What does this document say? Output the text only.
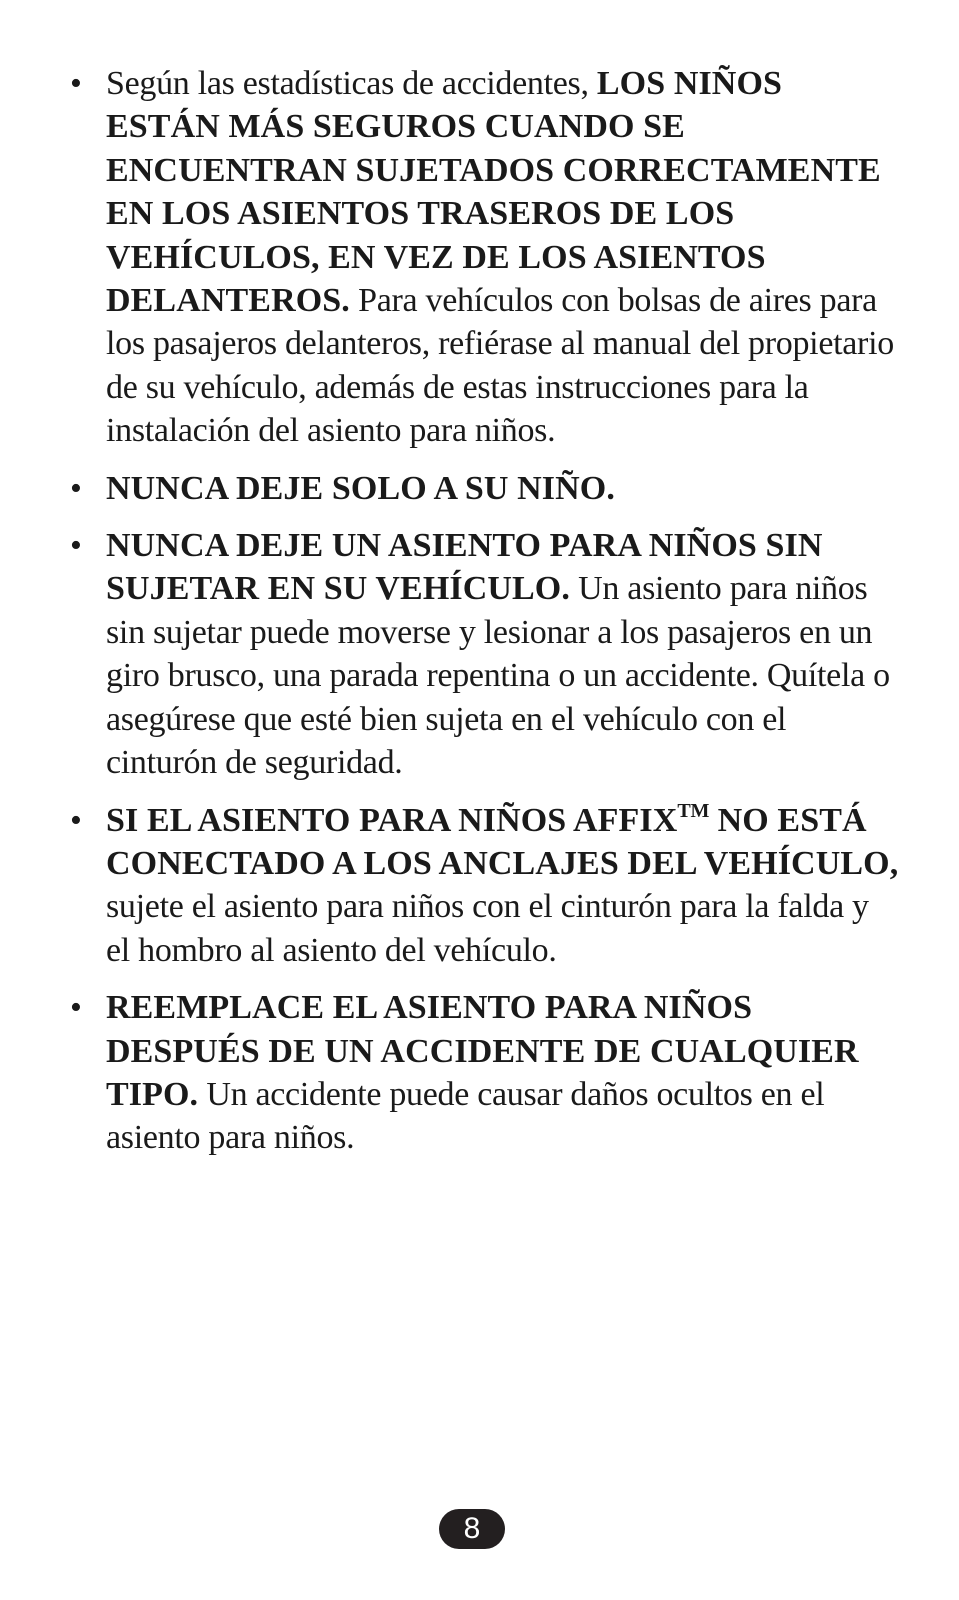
• Según las estadísticas de accidentes, LOS NIÑOS ESTÁN MÁS SEGUROS CUANDO SE ENCUENTRAN SUJETADOS CORRECTAMENTE EN LOS ASIENTOS TRASEROS DE LOS VEHÍCULOS, EN VEZ DE LOS ASIENTOS DELANTEROS. Para vehículos con bolsas de aires para los pasajeros delanteros, refiérase al manual del propietario de su vehículo, además de estas instrucciones para la instalación del asiento para niños.
• NUNCA DEJE SOLO A SU NIÑO.
• NUNCA DEJE UN ASIENTO PARA NIÑOS SIN SUJETAR EN SU VEHÍCULO. Un asiento para niños sin sujetar puede moverse y lesionar a los pasajeros en un giro brusco, una parada repentina o un accidente. Quítela o asegúrese que esté bien sujeta en el vehículo con el cinturón de seguridad.
• SI EL ASIENTO PARA NIÑOS AFFIX™ NO ESTÁ CONECTADO A LOS ANCLAJES DEL VEHÍCULO, sujete el asiento para niños con el cinturón para la falda y el hombro al asiento del vehículo.
• REEMPLACE EL ASIENTO PARA NIÑOS DESPUÉS DE UN ACCIDENTE DE CUALQUIER TIPO. Un accidente puede causar daños ocultos en el asiento para niños.
8
